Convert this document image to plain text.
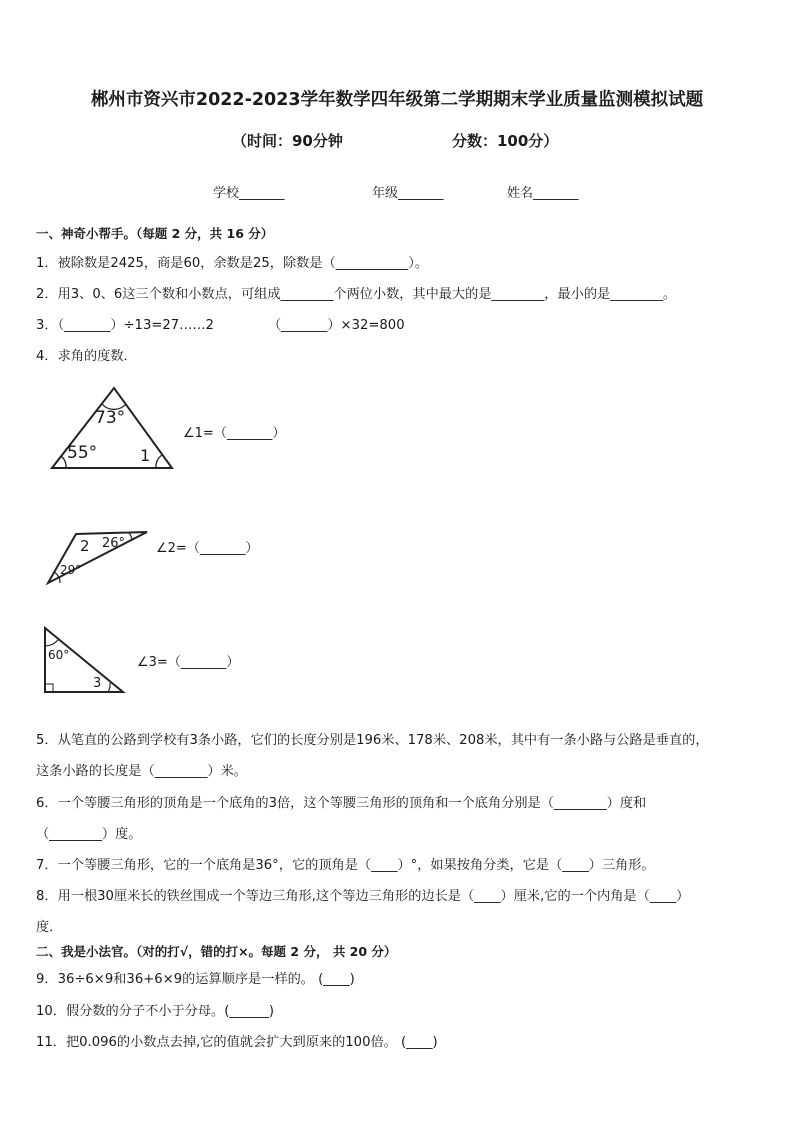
郴州市资兴市2022-2023学年数学四年级第二学期期末学业质量监测模拟试题
（时间：90分钟	分数：100分）
学校_______	年级_______	姓名_______
一、神奇小帮手。（每题 2 分，共 16 分）
1．被除数是2425，商是60，余数是25，除数是（___________）。
2．用3、0、6这三个数和小数点，可组成________个两位小数，其中最大的是________，最小的是________。
3．（_______）÷13=27……2	（_______）×32=800
4．求角的度数．
73°
55°	1
∠1=（_______）
29°
2 26° ∠2=（_______）
60°
3
∠3=（_______）
5．从笔直的公路到学校有3条小路，它们的长度分别是196米、178米、208米，其中有一条小路与公路是垂直的，
这条小路的长度是（________）米。
6．一个等腰三角形的顶角是一个底角的3倍，这个等腰三角形的顶角和一个底角分别是（________）度和
（________）度。
7．一个等腰三角形，它的一个底角是36°，它的顶角是（____）°，如果按角分类，它是（____）三角形。
8．用一根30厘米长的铁丝围成一个等边三角形,这个等边三角形的边长是（____）厘米,它的一个内角是（____）
度．
二、我是小法官。（对的打√，错的打×。每题 2 分， 共 20 分）
9．36÷6×9和36+6×9的运算顺序是一样的。 (____)
10．假分数的分子不小于分母。(______)
11．把0.096的小数点去掉,它的值就会扩大到原来的100倍。 (____)
